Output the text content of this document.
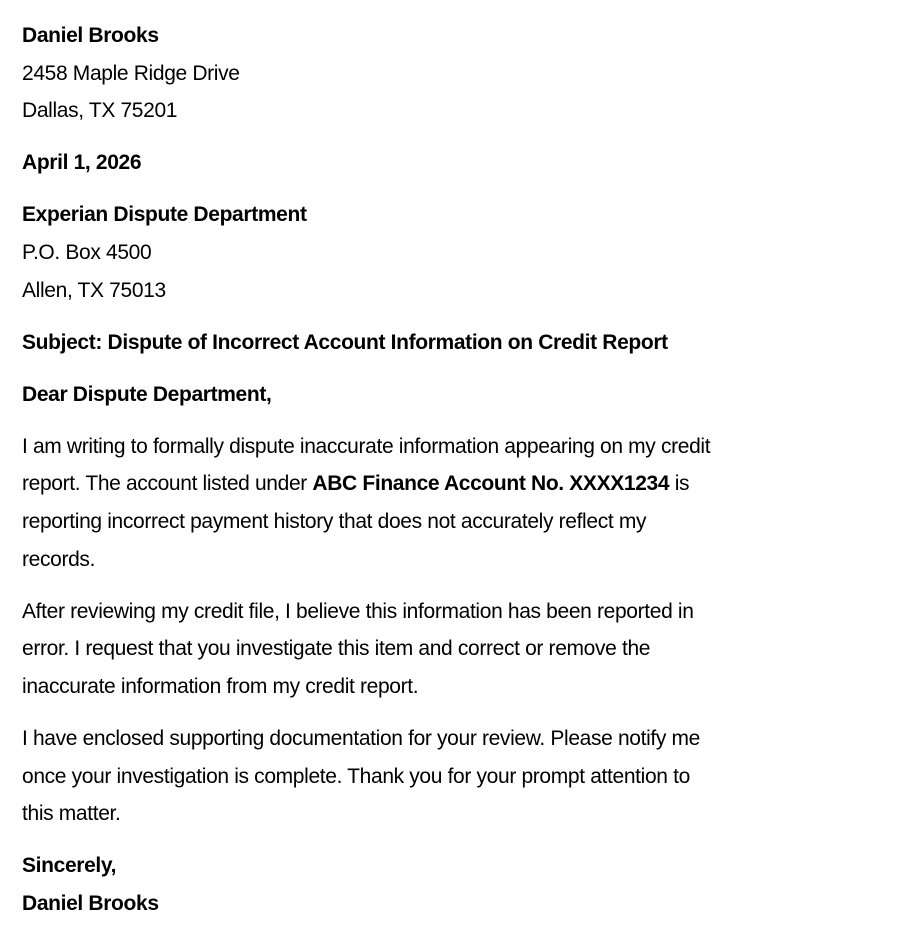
Daniel Brooks
2458 Maple Ridge Drive
Dallas, TX 75201
April 1, 2026
Experian Dispute Department
P.O. Box 4500
Allen, TX 75013
Subject: Dispute of Incorrect Account Information on Credit Report
Dear Dispute Department,
I am writing to formally dispute inaccurate information appearing on my credit
report. The account listed under ABC Finance Account No. XXXX1234 is
reporting incorrect payment history that does not accurately reflect my
records.
After reviewing my credit file, I believe this information has been reported in
error. I request that you investigate this item and correct or remove the
inaccurate information from my credit report.
I have enclosed supporting documentation for your review. Please notify me
once your investigation is complete. Thank you for your prompt attention to
this matter.
Sincerely,
Daniel Brooks
